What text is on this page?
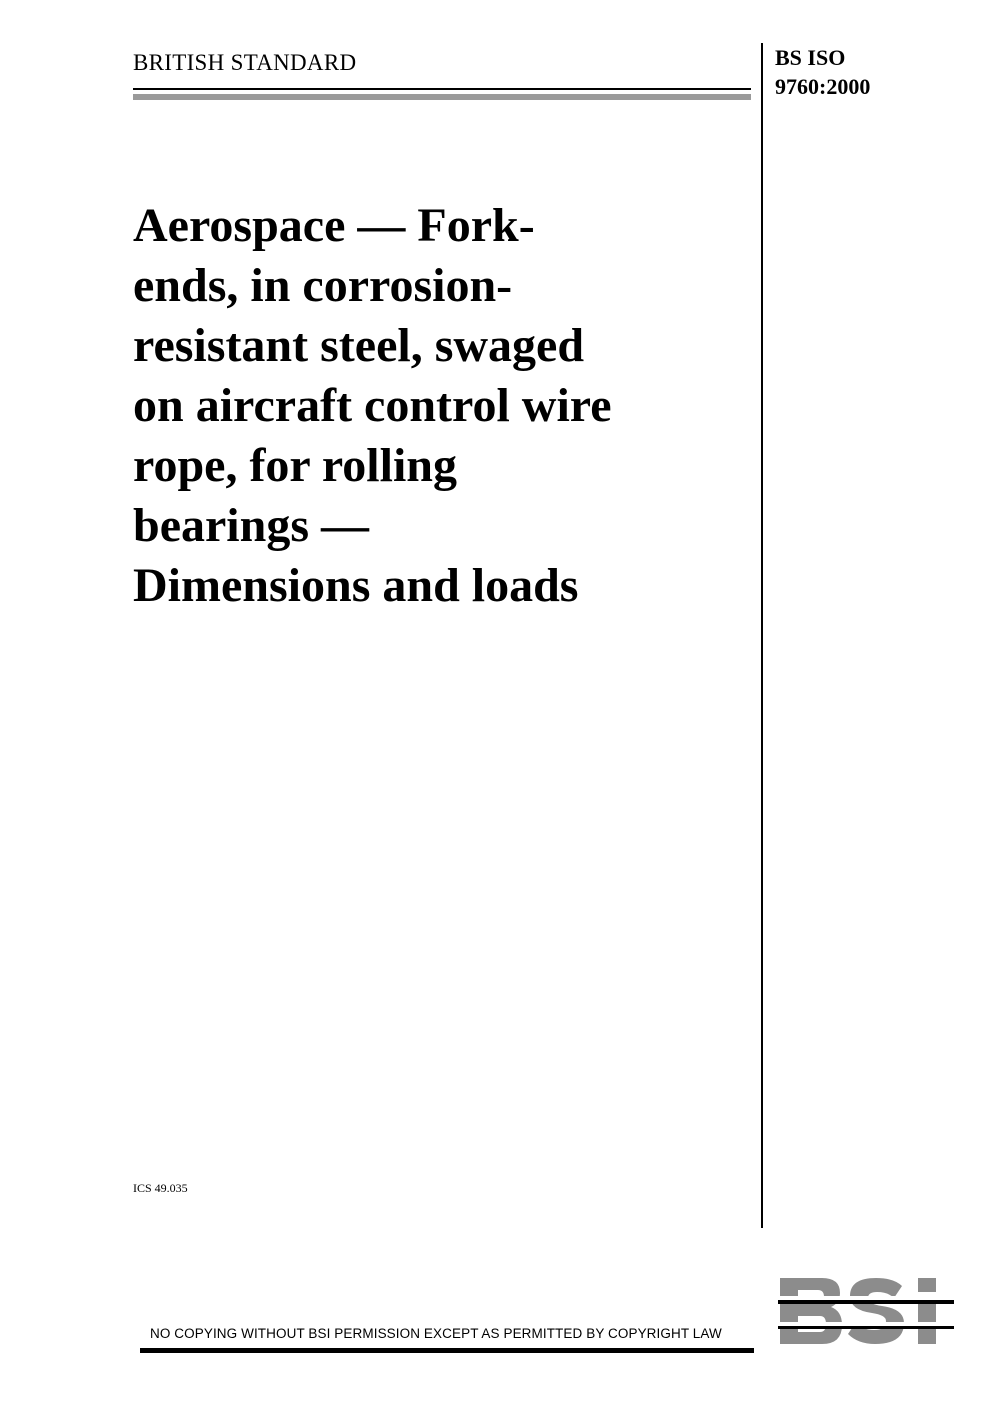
BRITISH STANDARD	BS ISO
9760:2000
Aerospace — Fork-
ends, in corrosion-
resistant steel, swaged
on aircraft control wire
rope, for rolling
bearings —
Dimensions and loads
ICS 49.035
NO COPYING WITHOUT BSI PERMISSION EXCEPT AS PERMITTED BY COPYRIGHT LAW
